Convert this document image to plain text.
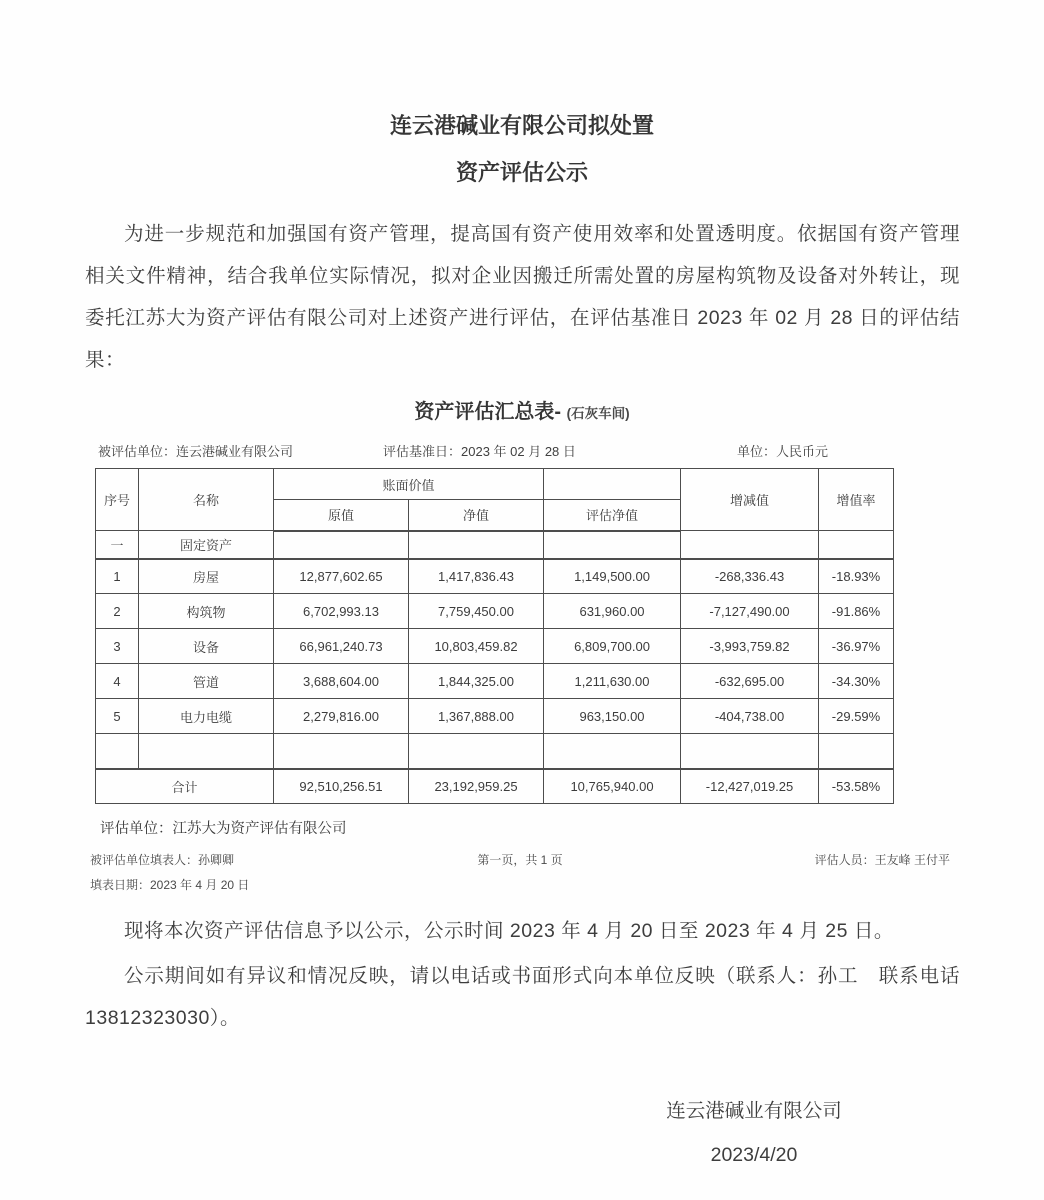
连云港碱业有限公司拟处置
资产评估公示

为进一步规范和加强国有资产管理，提高国有资产使用效率和处置透明度。依据国有资产管理相关文件精神，结合我单位实际情况，拟对企业因搬迁所需处置的房屋构筑物及设备对外转让，现委托江苏大为资产评估有限公司对上述资产进行评估，在评估基准日 2023 年 02 月 28 日的评估结果：

资产评估汇总表- (石灰车间)
被评估单位：连云港碱业有限公司	评估基准日：2023 年 02 月 28 日	单位：人民币元
序号	名称	账面价值			增减值	增值率
		原值	净值	评估净值		
一	固定资产					
1	房屋	12,877,602.65	1,417,836.43	1,149,500.00	-268,336.43	-18.93%
2	构筑物	6,702,993.13	7,759,450.00	631,960.00	-7,127,490.00	-91.86%
3	设备	66,961,240.73	10,803,459.82	6,809,700.00	-3,993,759.82	-36.97%
4	管道	3,688,604.00	1,844,325.00	1,211,630.00	-632,695.00	-34.30%
5	电力电缆	2,279,816.00	1,367,888.00	963,150.00	-404,738.00	-29.59%

合计		92,510,256.51	23,192,959.25	10,765,940.00	-12,427,019.25	-53.58%
评估单位：江苏大为资产评估有限公司
被评估单位填表人：孙卿卿	第一页，共 1 页	评估人员：王友峰 王付平
填表日期：2023 年 4 月 20 日

现将本次资产评估信息予以公示，公示时间 2023 年 4 月 20 日至 2023 年 4 月 25 日。

公示期间如有异议和情况反映，请以电话或书面形式向本单位反映（联系人：孙工　联系电话 13812323030）。

连云港碱业有限公司
2023/4/20
